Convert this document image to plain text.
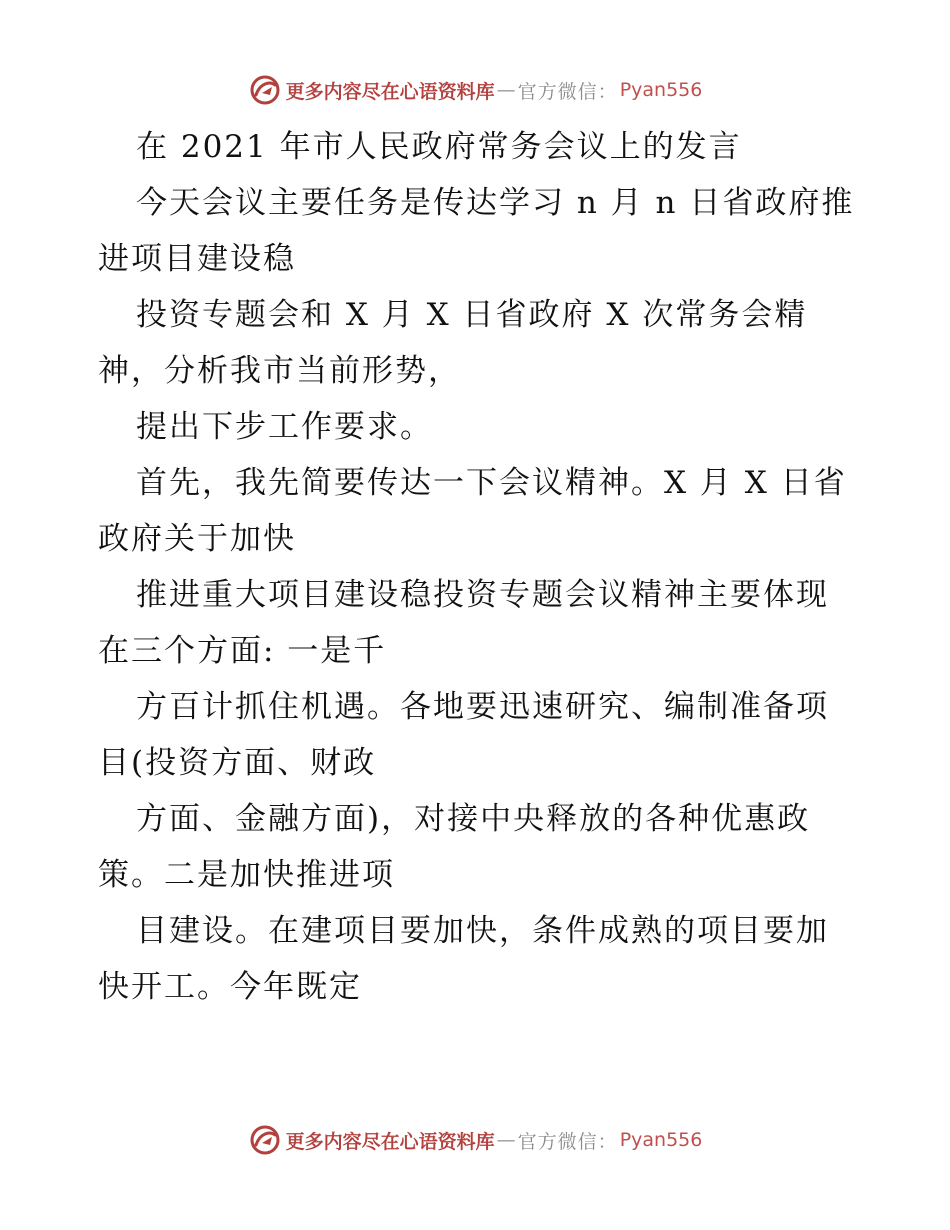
更多内容尽在心语资料库 — 官方微信： Pyan556
在 2021 年市人民政府常务会议上的发言
今天会议主要任务是传达学习 n 月 n 日省政府推
进项目建设稳
投资专题会和 X 月 X 日省政府 X 次常务会精
神，分析我市当前形势，
提出下步工作要求。
首先，我先简要传达一下会议精神。X 月 X 日省
政府关于加快
推进重大项目建设稳投资专题会议精神主要体现
在三个方面: 一是千
方百计抓住机遇。各地要迅速研究、编制准备项
目(投资方面、财政
方面、金融方面)，对接中央释放的各种优惠政
策。二是加快推进项
目建设。在建项目要加快，条件成熟的项目要加
快开工。今年既定
更多内容尽在心语资料库 — 官方微信： Pyan556
